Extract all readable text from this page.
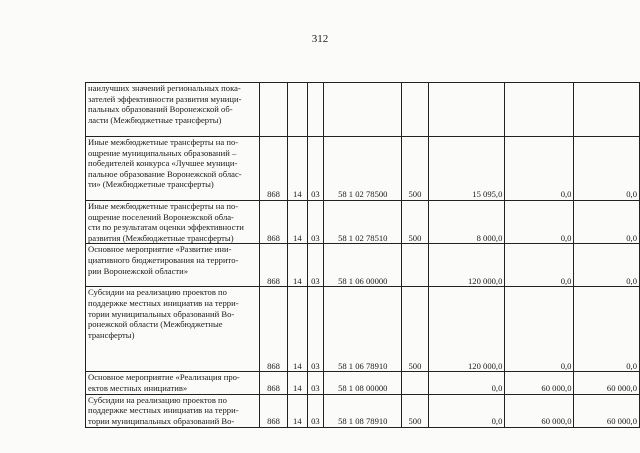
312
наилучших значений региональных пока-
зателей эффективности развития муници-
пальных образований Воронежской об-
ласти (Межбюджетные трансферты)								
Иные межбюджетные трансферты на по-
ощрение муниципальных образований –
победителей конкурса «Лучшее муници-
пальное образование Воронежской облас-
ти» (Межбюджетные трансферты)	868	14	03	58 1 02 78500	500	15 095,0	0,0	0,0
Иные межбюджетные трансферты на по-
ощрение поселений Воронежской обла-
сти по результатам оценки эффективности
развития (Межбюджетные трансферты)	868	14	03	58 1 02 78510	500	8 000,0	0,0	0,0
Основное мероприятие «Развитие ини-
циативного бюджетирования на террито-
рии Воронежской области»	868	14	03	58 1 06 00000		120 000,0	0,0	0,0
Субсидии на реализацию проектов по
поддержке местных инициатив на терри-
тории муниципальных образований Во-
ронежской области (Межбюджетные
трансферты)	868	14	03	58 1 06 78910	500	120 000,0	0,0	0,0
Основное мероприятие «Реализация про-
ектов местных инициатив»	868	14	03	58 1 08 00000		0,0	60 000,0	60 000,0
Субсидии на реализацию проектов по
поддержке местных инициатив на терри-
тории муниципальных образований Во-	868	14	03	58 1 08 78910	500	0,0	60 000,0	60 000,0
